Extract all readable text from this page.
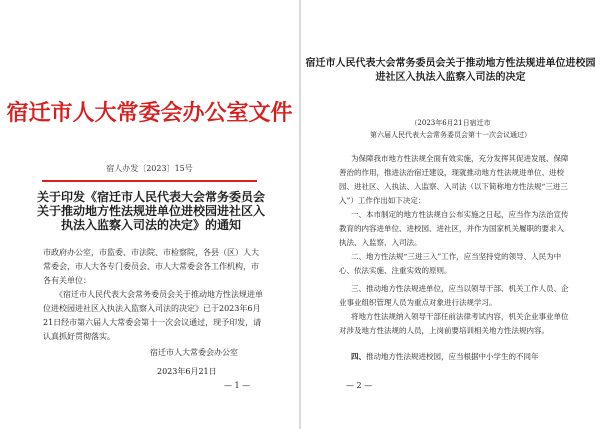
宿迁市人大常委会办公室文件
宿人办发〔2023〕15号
关于印发《宿迁市人民代表大会常务委员会关于推动地方性法规进单位进校园进社区入执法入监察入司法的决定》的通知
市政府办公室，市监委、市法院、市检察院，各县（区）人大常委会，市人大各专门委员会、市人大常委会各工作机构，市各有关单位：
《宿迁市人民代表大会常务委员会关于推动地方性法规进单位进校园进社区入执法入监察入司法的决定》已于2023年6月21日经市第六届人大常委会第十一次会议通过，现予印发，请认真抓好贯彻落实。
宿迁市人大常委会办公室
2023年6月21日
— 1 —
宿迁市人民代表大会常务委员会关于推动地方性法规进单位进校园进社区入执法入监察入司法的决定
（2023年6月21日宿迁市
第六届人民代表大会常务委员会第十一次会议通过）
为保障我市地方性法规全面有效实施，充分发挥其促进发展、保障善治的作用，推进法治宿迁建设，现就推动地方性法规进单位、进校园、进社区、入执法、入监察、入司法（以下简称地方性法规“三进三入”）工作作出如下决定：
一、本市制定的地方性法规自公布实施之日起，应当作为法治宣传教育的内容进单位、进校园、进社区，并作为国家机关履职的要求入执法、入监察、入司法。
二、地方性法规“三进三入”工作，应当坚持党的领导、人民为中心、依法实施、注重实效的原则。
三、推动地方性法规进单位，应当以领导干部、机关工作人员、企业事业组织管理人员为重点对象进行法规学习。
将地方性法规纳入领导干部任前法律考试内容，机关企业事业单位对涉及地方性法规的人员，上岗前要培训相关地方性法规内容。
四、推动地方性法规进校园，应当根据中小学生的不同年
— 2 —
